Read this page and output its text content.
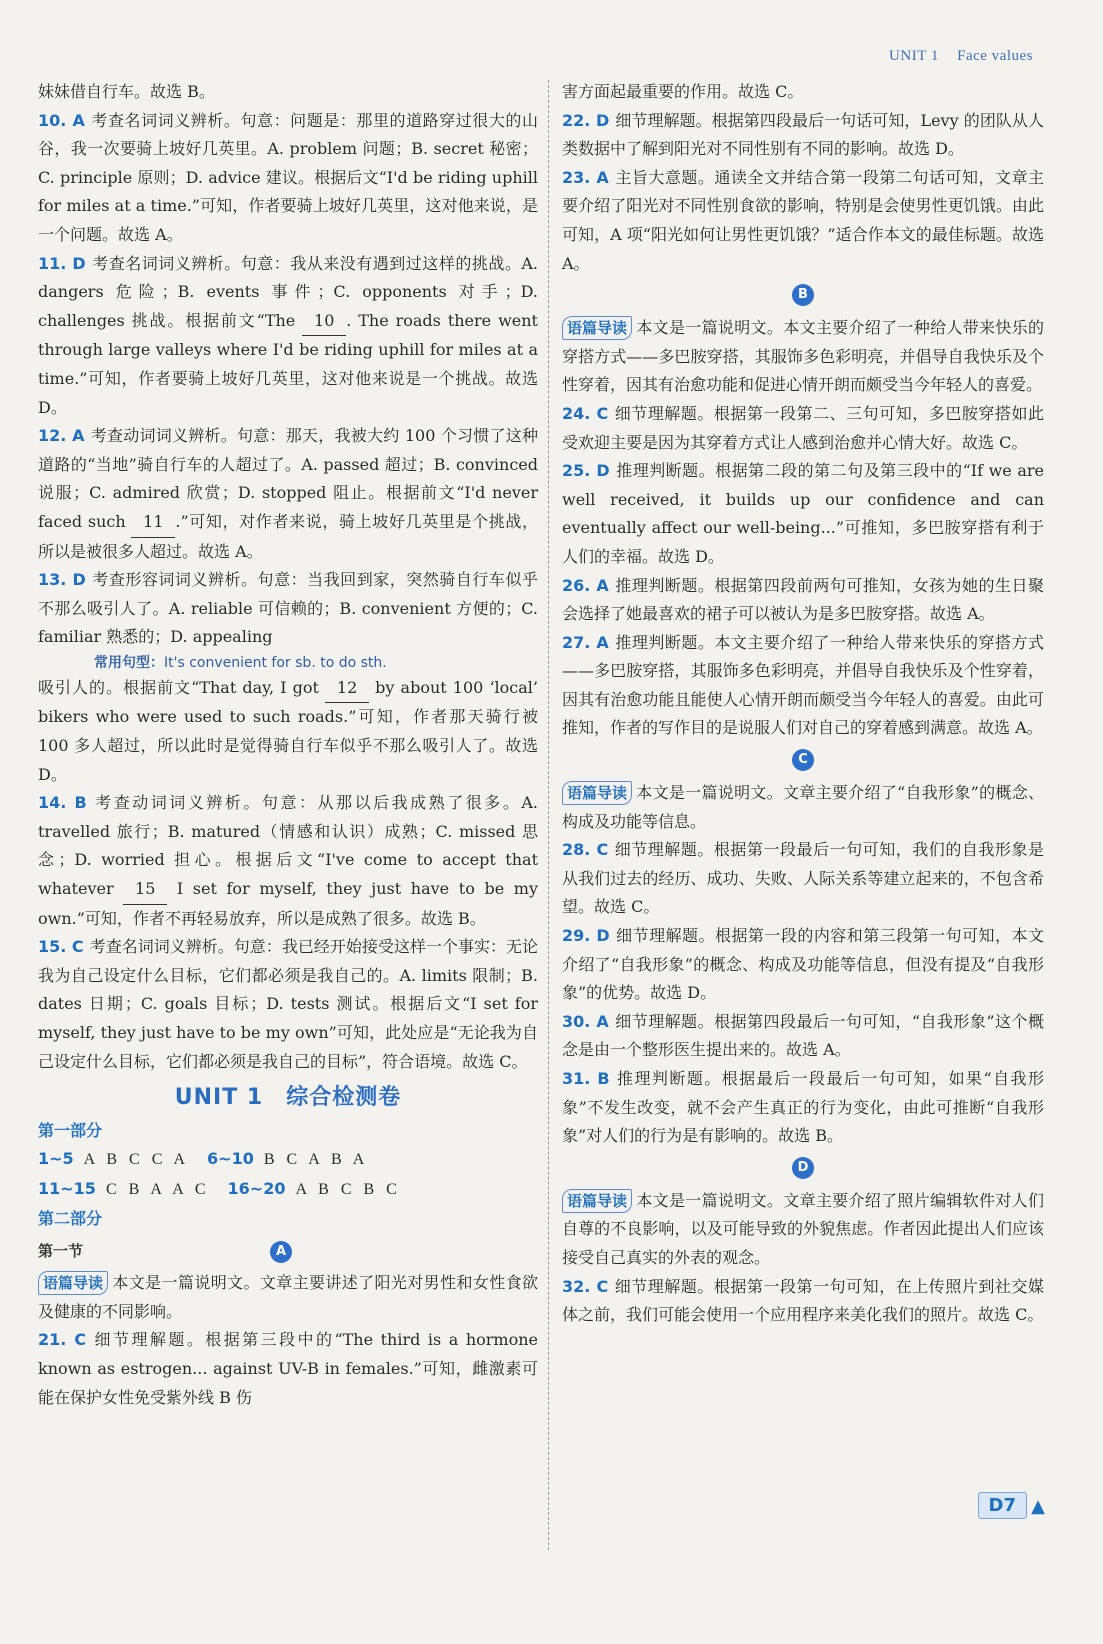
UNIT 1 Face values

妹妹借自行车。故选 B。

10. A 考查名词词义辨析。句意：问题是：那里的道路穿过很大的山谷，我一次要骑上坡好几英里。A. problem 问题；B. secret 秘密；C. principle 原则；D. advice 建议。根据后文“I'd be riding uphill for miles at a time.”可知，作者要骑上坡好几英里，这对他来说，是一个问题。故选 A。

11. D 考查名词词义辨析。句意：我从来没有遇到过这样的挑战。A. dangers 危险；B. events 事件；C. opponents 对手；D. challenges 挑战。根据前文“The 10 . The roads there went through large valleys where I'd be riding uphill for miles at a time.”可知，作者要骑上坡好几英里，这对他来说是一个挑战。故选 D。

12. A 考查动词词义辨析。句意：那天，我被大约 100 个习惯了这种道路的“当地”骑自行车的人超过了。A. passed 超过；B. convinced 说服；C. admired 欣赏；D. stopped 阻止。根据前文“I'd never faced such 11 .”可知，对作者来说，骑上坡好几英里是个挑战，所以是被很多人超过。故选 A。

13. D 考查形容词词义辨析。句意：当我回到家，突然骑自行车似乎不那么吸引人了。A. reliable 可信赖的；B. convenient 方便的；C. familiar 熟悉的；D. appealing

常用句型：It's convenient for sb. to do sth.

吸引人的。根据前文“That day, I got 12 by about 100 ‘local’ bikers who were used to such roads.”可知，作者那天骑行被 100 多人超过，所以此时是觉得骑自行车似乎不那么吸引人了。故选 D。

14. B 考查动词词义辨析。句意：从那以后我成熟了很多。A. travelled 旅行；B. matured（情感和认识）成熟；C. missed 思念；D. worried 担心。根据后文“I've come to accept that whatever 15 I set for myself, they just have to be my own.”可知，作者不再轻易放弃，所以是成熟了很多。故选 B。

15. C 考查名词词义辨析。句意：我已经开始接受这样一个事实：无论我为自己设定什么目标，它们都必须是我自己的。A. limits 限制；B. dates 日期；C. goals 目标；D. tests 测试。根据后文“I set for myself, they just have to be my own”可知，此处应是“无论我为自己设定什么目标，它们都必须是我自己的目标”，符合语境。故选 C。

UNIT 1　综合检测卷
第一部分
1~5 A B C C A 6~10 B C A B A
11~15 C B A A C 16~20 A B C B C
第二部分
第一节	A

语篇导读 本文是一篇说明文。文章主要讲述了阳光对男性和女性食欲及健康的不同影响。

21. C 细节理解题。根据第三段中的“The third is a hormone known as estrogen... against UV-B in females.”可知，雌激素可能在保护女性免受紫外线 B 伤

害方面起最重要的作用。故选 C。

22. D 细节理解题。根据第四段最后一句话可知，Levy 的团队从人类数据中了解到阳光对不同性别有不同的影响。故选 D。

23. A 主旨大意题。通读全文并结合第一段第二句话可知，文章主要介绍了阳光对不同性别食欲的影响，特别是会使男性更饥饿。由此可知，A 项“阳光如何让男性更饥饿？”适合作本文的最佳标题。故选 A。

B

语篇导读 本文是一篇说明文。本文主要介绍了一种给人带来快乐的穿搭方式——多巴胺穿搭，其服饰多色彩明亮，并倡导自我快乐及个性穿着，因其有治愈功能和促进心情开朗而颇受当今年轻人的喜爱。

24. C 细节理解题。根据第一段第二、三句可知，多巴胺穿搭如此受欢迎主要是因为其穿着方式让人感到治愈并心情大好。故选 C。

25. D 推理判断题。根据第二段的第二句及第三段中的“If we are well received, it builds up our confidence and can eventually affect our well-being...”可推知，多巴胺穿搭有利于人们的幸福。故选 D。

26. A 推理判断题。根据第四段前两句可推知，女孩为她的生日聚会选择了她最喜欢的裙子可以被认为是多巴胺穿搭。故选 A。

27. A 推理判断题。本文主要介绍了一种给人带来快乐的穿搭方式——多巴胺穿搭，其服饰多色彩明亮，并倡导自我快乐及个性穿着，因其有治愈功能且能使人心情开朗而颇受当今年轻人的喜爱。由此可推知，作者的写作目的是说服人们对自己的穿着感到满意。故选 A。

C

语篇导读 本文是一篇说明文。文章主要介绍了“自我形象”的概念、构成及功能等信息。

28. C 细节理解题。根据第一段最后一句可知，我们的自我形象是从我们过去的经历、成功、失败、人际关系等建立起来的，不包含希望。故选 C。

29. D 细节理解题。根据第一段的内容和第三段第一句可知，本文介绍了“自我形象”的概念、构成及功能等信息，但没有提及“自我形象”的优势。故选 D。

30. A 细节理解题。根据第四段最后一句可知，“自我形象”这个概念是由一个整形医生提出来的。故选 A。

31. B 推理判断题。根据最后一段最后一句可知，如果“自我形象”不发生改变，就不会产生真正的行为变化，由此可推断“自我形象”对人们的行为是有影响的。故选 B。

D

语篇导读 本文是一篇说明文。文章主要介绍了照片编辑软件对人们自尊的不良影响，以及可能导致的外貌焦虑。作者因此提出人们应该接受自己真实的外表的观念。

32. C 细节理解题。根据第一段第一句可知，在上传照片到社交媒体之前，我们可能会使用一个应用程序来美化我们的照片。故选 C。

D7 ▲
